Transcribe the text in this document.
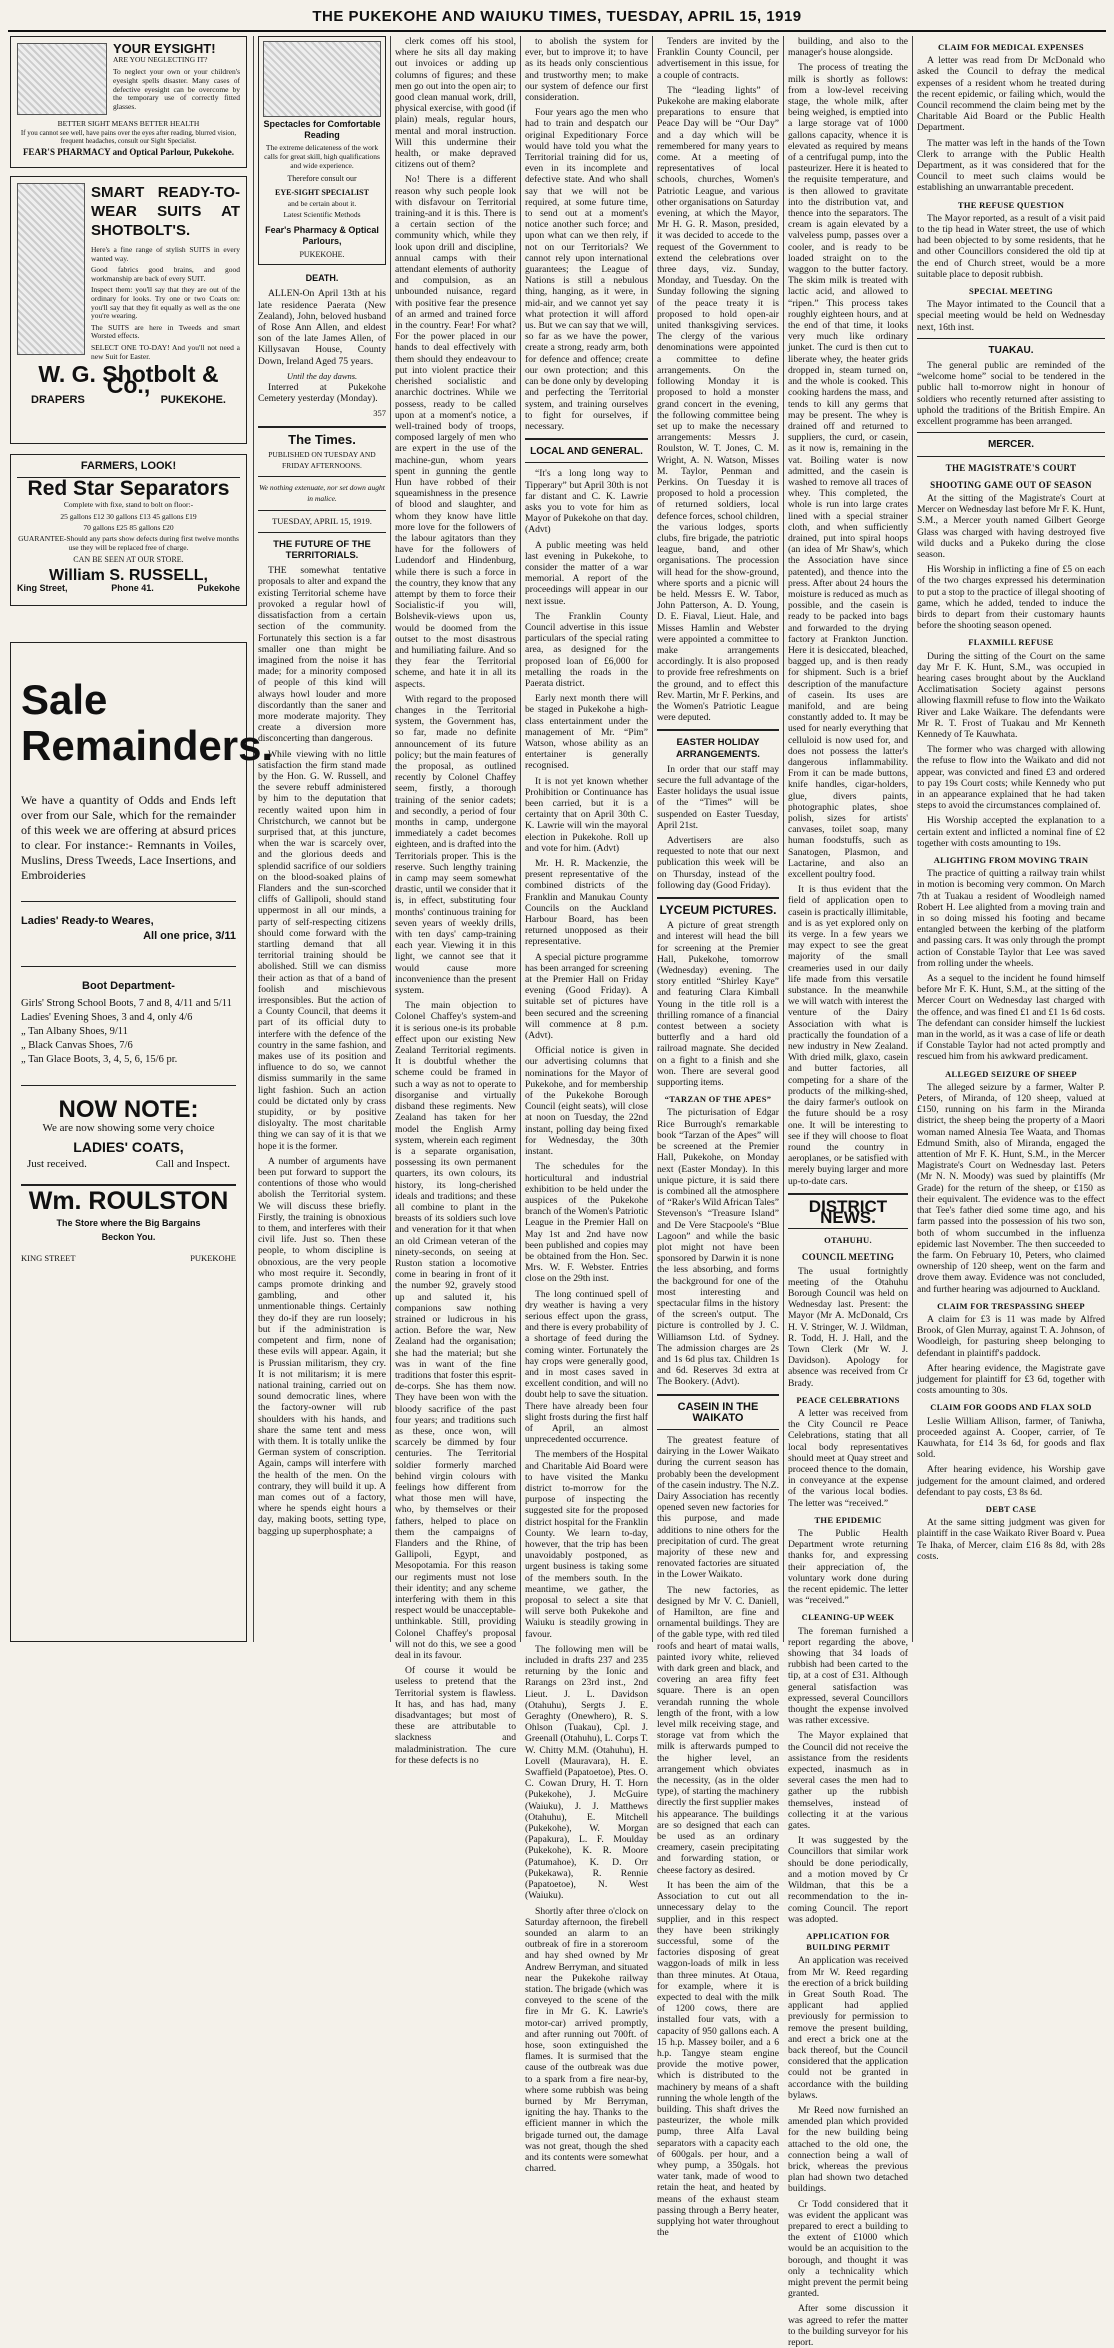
THE PUKEKOHE AND WAIUKU TIMES, TUESDAY, APRIL 15, 1919
YOUR EYSIGHT!
ARE YOU NEGLECTING IT?
To neglect your own or your children's eyesight spells disaster. Many cases of defective eyesight can be overcome by the temporary use of correctly fitted glasses.
BETTER SIGHT MEANS BETTER HEALTH
If you cannot see well, have pains over the eyes after reading, blurred vision, frequent headaches, consult our Sight Specialist.
FEAR'S PHARMACY and Optical Parlour, Pukekohe.
SMART READY-TO-WEAR SUITS AT SHOTBOLT'S.
Here's a fine range of stylish SUITS in every wanted way.
Good fabrics good brains, and good workmanship are back of every SUIT.
Inspect them: you'll say that they are out of the ordinary for looks. Try one or two Coats on: you'll say that they fit equally as well as the one you're wearing.
The SUITS are here in Tweeds and smart Worsted effects.
SELECT ONE TO-DAY! And you'll not need a new Suit for Easter.
W. G. Shotbolt & Co.,
DRAPERS	PUKEKOHE.
FARMERS, LOOK!
Red Star Separators
Complete with fixe, stand to bolt on floor:-
25 gallons £12 30 gallons £13 45 gallons £19
70 gallons £25 85 gallons £20
GUARANTEE-Should any parts show defects during first twelve months use they will be replaced free of charge.
CAN BE SEEN AT OUR STORE.
William S. RUSSELL,
King Street,	Phone 41.	Pukekohe
Sale Remainders.
We have a quantity of Odds and Ends left over from our Sale, which for the remainder of this week we are offering at absurd prices to clear. For instance:- Remnants in Voiles, Muslins, Dress Tweeds, Lace Insertions, and Embroideries
Ladies' Ready-to Weares,
All one price, 3/11
Boot Department-
Girls' Strong School Boots, 7 and 8, 4/11 and 5/11
Ladies' Evening Shoes, 3 and 4, only 4/6
„ Tan Albany Shoes, 9/11
„ Black Canvas Shoes, 7/6
„ Tan Glace Boots, 3, 4, 5, 6, 15/6 pr.
NOW NOTE:
We are now showing some very choice
LADIES' COATS,
Just received.	Call and Inspect.
Wm. ROULSTON
The Store where the Big Bargains
Beckon You.
KING STREET	PUKEKOHE
Spectacles for Comfortable Reading
The extreme delicateness of the work calls for great skill, high qualifications and wide experience.
Therefore consult our
EYE-SIGHT SPECIALIST
and be certain about it.
Latest Scientific Methods
Fear's Pharmacy & Optical Parlours,
PUKEKOHE.
DEATH.

ALLEN-On April 13th at his late residence Paerata (New Zealand), John, beloved husband of Rose Ann Allen, and eldest son of the late James Allen, of Killysavan House, County Down, Ireland Aged 75 years.

Until the day dawns.

Interred at Pukekohe Cemetery yesterday (Monday).

357
The Times.
PUBLISHED ON TUESDAY AND FRIDAY AFTERNOONS.
We nothing extenuate, nor set down aught in malice.
TUESDAY, APRIL 15, 1919.
THE FUTURE OF THE TERRITORIALS.

THE somewhat tentative proposals to alter and expand the existing Territorial scheme have provoked a regular howl of dissatisfaction from a certain section of the community. Fortunately this section is a far smaller one than might be imagined from the noise it has made; for a minority composed of people of this kind will always howl louder and more discordantly than the saner and more moderate majority. They create a diversion more disconcerting than dangerous.

While viewing with no little satisfaction the firm stand made by the Hon. G. W. Russell, and the severe rebuff administered by him to the deputation that recently waited upon him in Christchurch, we cannot but be surprised that, at this juncture, when the war is scarcely over, and the glorious deeds and splendid sacrifice of our soldiers on the blood-soaked plains of Flanders and the sun-scorched cliffs of Gallipoli, should stand uppermost in all our minds, a party of self-respecting citizens should come forward with the startling demand that all territorial training should be abolished. Still we can dismiss their action as that of a band of foolish and mischievous irresponsibles. But the action of a County Council, that deems it part of its official duty to interfere with the defence of the country in the same fashion, and makes use of its position and influence to do so, we cannot dismiss summarily in the same light fashion. Such an action could be dictated only by crass stupidity, or by positive disloyalty. The most charitable thing we can say of it is that we hope it is the former.

A number of arguments have been put forward to support the contentions of those who would abolish the Territorial system. We will discuss these briefly. Firstly, the training is obnoxious to them, and interferes with their civil life. Just so. Then these people, to whom discipline is obnoxious, are the very people who most require it. Secondly, camps promote drinking and gambling, and other unmentionable things. Certainly they do-if they are run loosely; but if the administration is competent and firm, none of these evils will appear. Again, it is Prussian militarism, they cry. It is not militarism; it is mere national training, carried out on sound democratic lines, where the factory-owner will rub shoulders with his hands, and share the same tent and mess with them. It is totally unlike the German system of conscription. Again, camps will interfere with the health of the men. On the contrary, they will build it up. A man comes out of a factory, where he spends eight hours a day, making boots, setting type, bagging up superphosphate; a

clerk comes off his stool, where he sits all day making out invoices or adding up columns of figures; and these men go out into the open air; to good clean manual work, drill, physical exercise, with good (if plain) meals, regular hours, mental and moral instruction. Will this undermine their health, or make depraved citizens out of them?

No! There is a different reason why such people look with disfavour on Territorial training-and it is this. There is a certain section of the community which, while they look upon drill and discipline, annual camps with their attendant elements of authority and compulsion, as an unbounded nuisance, regard with positive fear the presence of an armed and trained force in the country. Fear! For what? For the power placed in our hands to deal effectively with them should they endeavour to put into violent practice their cherished socialistic and anarchic doctrines. While we possess, ready to be called upon at a moment's notice, a well-trained body of troops, composed largely of men who are expert in the use of the machine-gun, whom years spent in gunning the gentle Hun have robbed of their squeamishness in the presence of blood and slaughter, and whom they know have little more love for the followers of the labour agitators than they have for the followers of Ludendorf and Hindenburg, while there is such a force in the country, they know that any attempt by them to force their Socialistic-if you will, Bolshevik-views upon us, would be doomed from the outset to the most disastrous and humiliating failure. And so they fear the Territorial scheme, and hate it in all its aspects.

With regard to the proposed changes in the Territorial system, the Government has, so far, made no definite announcement of its future policy; but the main features of the proposal, as outlined recently by Colonel Chaffey seem, firstly, a thorough training of the senior cadets; and secondly, a period of four months in camp, undergone immediately a cadet becomes eighteen, and is drafted into the Territorials proper. This is the reserve. Such lengthy training in camp may seem somewhat drastic, until we consider that it is, in effect, substituting four months' continuous training for seven years of weekly drills, with ten days' camp-training each year. Viewing it in this light, we cannot see that it would cause more inconvenience than the present system.

The main objection to Colonel Chaffey's system-and it is serious one-is its probable effect upon our existing New Zealand Territorial regiments. It is doubtful whether the scheme could be framed in such a way as not to operate to disorganise and virtually disband these regiments. New Zealand has taken for her model the English Army system, wherein each regiment is a separate organisation, possessing its own permanent quarters, its own colours, its history, its long-cherished ideals and traditions; and these all combine to plant in the breasts of its soldiers such love and veneration for it that when an old Crimean veteran of the ninety-seconds, on seeing at Ruston station a locomotive come in bearing in front of it the number 92, gravely stood up and saluted it, his companions saw nothing strained or ludicrous in his action. Before the war, New Zealand had the organisation; she had the material; but she was in want of the fine traditions that foster this esprit-de-corps. She has them now. They have been won with the bloody sacrifice of the past four years; and traditions such as these, once won, will scarcely be dimmed by four centuries. The Territorial soldier formerly marched behind virgin colours with feelings how different from what those men will have, who, by themselves or their fathers, helped to place on them the campaigns of Flanders and the Rhine, of Gallipoli, Egypt, and Mesopotamia. For this reason our regiments must not lose their identity; and any scheme interfering with them in this respect would be unacceptable-unthinkable. Still, providing Colonel Chaffey's proposal will not do this, we see a good deal in its favour.

Of course it would be useless to pretend that the Territorial system is flawless. It has, and has had, many disadvantages; but most of these are attributable to slackness and maladministration. The cure for these defects is no

to abolish the system for ever, but to improve it; to have as its heads only conscientious and trustworthy men; to make our system of defence our first consideration.

Four years ago the men who had to train and despatch our original Expeditionary Force would have told you what the Territorial training did for us, even in its incomplete and defective state. And who shall say that we will not be required, at some future time, to send out at a moment's notice another such force; and upon what can we then rely, if not on our Territorials? We cannot rely upon international guarantees; the League of Nations is still a nebulous thing, hanging, as it were, in mid-air, and we cannot yet say what protection it will afford us. But we can say that we will, so far as we have the power, create a strong, ready arm, both for defence and offence; create our own protection; and this can be done only by developing and perfecting the Territorial system, and training ourselves to fight for ourselves, if necessary.

LOCAL AND GENERAL.

“It's a long long way to Tipperary” but April 30th is not far distant and C. K. Lawrie asks you to vote for him as Mayor of Pukekohe on that day. (Advt)

A public meeting was held last evening in Pukekohe, to consider the matter of a war memorial. A report of the proceedings will appear in our next issue.

The Franklin County Council advertise in this issue particulars of the special rating area, as designed for the proposed loan of £6,000 for metalling the roads in the Paerata district.

Early next month there will be staged in Pukekohe a high-class entertainment under the management of Mr. “Pim” Watson, whose ability as an entertainer is generally recognised.

It is not yet known whether Prohibition or Continuance has been carried, but it is a certainty that on April 30th C. K. Lawrie will win the mayoral election in Pukekohe. Roll up and vote for him. (Advt)

Mr. H. R. Mackenzie, the present representative of the combined districts of the Franklin and Manukau County Councils on the Auckland Harbour Board, has been returned unopposed as their representative.

A special picture programme has been arranged for screening at the Premier Hall on Friday evening (Good Friday). A suitable set of pictures have been secured and the screening will commence at 8 p.m. (Advt).

Official notice is given in our advertising columns that nominations for the Mayor of Pukekohe, and for membership of the Pukekohe Borough Council (eight seats), will close at noon on Tuesday, the 22nd instant, polling day being fixed for Wednesday, the 30th instant.

The schedules for the horticultural and industrial exhibition to be held under the auspices of the Pukekohe branch of the Women's Patriotic League in the Premier Hall on May 1st and 2nd have now been published and copies may be obtained from the Hon. Sec. Mrs. W. F. Webster. Entries close on the 29th inst.

The long continued spell of dry weather is having a very serious effect upon the grass, and there is every probability of a shortage of feed during the coming winter. Fortunately the hay crops were generally good, and in most cases saved in excellent condition, and will no doubt help to save the situation. There have already been four slight frosts during the first half of April, an almost unprecedented occurrence.

The members of the Hospital and Charitable Aid Board were to have visited the Manku district to-morrow for the purpose of inspecting the suggested site for the proposed district hospital for the Franklin County. We learn to-day, however, that the trip has been unavoidably postponed, as urgent business is taking some of the members south. In the meantime, we gather, the proposal to select a site that will serve both Pukekohe and Waiuku is steadily growing in favour.

The following men will be included in drafts 237 and 235 returning by the Ionic and Rarangs on 23rd inst., 2nd Lieut. J. L. Davidson (Otahuhu), Sergts J. E. Geraghty (Onewhero), R. S. Ohlson (Tuakau), Cpl. J. Greenall (Otahuhu), L. Corps T. W. Chitty M.M. (Otahuhu), H. Lovell (Mauravara), H. E. Swaffield (Papatoetoe), Ptes. O. C. Cowan Drury, H. T. Horn (Pukekohe), J. McGuire (Waiuku), J. J. Matthews (Otahuhu), E. Mitchell (Pukekohe), W. Morgan (Papakura), L. F. Moulday (Pukekohe), K. R. Moore (Patumahoe), K. D. Orr (Pukekawa), R. Rennie (Papatoetoe), N. West (Waiuku).

Shortly after three o'clock on Saturday afternoon, the firebell sounded an alarm to an outbreak of fire in a storeroom and hay shed owned by Mr Andrew Berryman, and situated near the Pukekohe railway station. The brigade (which was conveyed to the scene of the fire in Mr G. K. Lawrie's motor-car) arrived promptly, and after running out 700ft. of hose, soon extinguished the flames. It is surmised that the cause of the outbreak was due to a spark from a fire near-by, where some rubbish was being burned by Mr Berryman, igniting the hay. Thanks to the efficient manner in which the brigade turned out, the damage was not great, though the shed and its contents were somewhat charred.

Tenders are invited by the Franklin County Council, per advertisement in this issue, for a couple of contracts.

The “leading lights” of Pukekohe are making elaborate preparations to ensure that Peace Day will be “Our Day” and a day which will be remembered for many years to come. At a meeting of representatives of local schools, churches, Women's Patriotic League, and various other organisations on Saturday evening, at which the Mayor, Mr H. G. R. Mason, presided, it was decided to accede to the request of the Government to extend the celebrations over three days, viz. Sunday, Monday, and Tuesday. On the Sunday following the signing of the peace treaty it is proposed to hold open-air united thanksgiving services. The clergy of the various denominations were appointed a committee to define arrangements. On the following Monday it is proposed to hold a monster grand concert in the evening, the following committee being set up to make the necessary arrangements: Messrs J. Roulston, W. T. Jones, C. M. Wright, A. N. Watson, Misses M. Taylor, Penman and Perkins. On Tuesday it is proposed to hold a procession of returned soldiers, local defence forces, school children, the various lodges, sports clubs, fire brigade, the patriotic league, band, and other organisations. The procession will head for the show-ground, where sports and a picnic will be held. Messrs E. W. Tabor, John Patterson, A. D. Young, D. E. Fiaval, Lieut. Hale, and Misses Hamlin and Webster were appointed a committee to make arrangements accordingly. It is also proposed to provide free refreshments on the ground, and to effect this Rev. Martin, Mr F. Perkins, and the Women's Patriotic League were deputed.

EASTER HOLIDAY ARRANGEMENTS.

In order that our staff may secure the full advantage of the Easter holidays the usual issue of the “Times” will be suspended on Easter Tuesday, April 21st.

Advertisers are also requested to note that our next publication this week will be on Thursday, instead of the following day (Good Friday).

LYCEUM PICTURES.

A picture of great strength and interest will head the bill for screening at the Premier Hall, Pukekohe, tomorrow (Wednesday) evening. The story entitled “Shirley Kaye” and featuring Clara Kimball Young in the title roll is a thrilling romance of a financial contest between a society butterfly and a hard old railroad magnate. She decided on a fight to a finish and she won. There are several good supporting items.

“TARZAN OF THE APES”

The picturisation of Edgar Rice Burrough's remarkable book “Tarzan of the Apes” will be screened at the Premier Hall, Pukekohe, on Monday next (Easter Monday). In this unique picture, it is said there is combined all the atmosphere of “Raker's Wild African Tales” Stevenson's “Treasure Island” and De Vere Stacpoole's “Blue Lagoon” and while the basic plot might not have been sponsored by Darwin it is none the less absorbing, and forms the background for one of the most interesting and spectacular films in the history of the screen's output. The picture is controlled by J. C. Williamson Ltd. of Sydney. The admission charges are 2s and 1s 6d plus tax. Children 1s and 6d. Reserves 3d extra at The Bookery. (Advt).

CASEIN IN THE WAIKATO

The greatest feature of dairying in the Lower Waikato during the current season has probably been the development of the casein industry. The N.Z. Dairy Association has recently opened seven new factories for this purpose, and made additions to nine others for the precipitation of curd. The great majority of these new and renovated factories are situated in the Lower Waikato.

The new factories, as designed by Mr V. C. Daniell, of Hamilton, are fine and ornamental buildings. They are of the gable type, with red tiled roofs and heart of matai walls, painted ivory white, relieved with dark green and black, and covering an area fifty feet square. There is an open verandah running the whole length of the front, with a low level milk receiving stage, and storage vat from which the milk is afterwards pumped to the higher level, an arrangement which obviates the necessity, (as in the older type), of starting the machinery directly the first supplier makes his appearance. The buildings are so designed that each can be used as an ordinary creamery, casein precipitating and forwarding station, or cheese factory as desired.

It has been the aim of the Association to cut out all unnecessary delay to the supplier, and in this respect they have been strikingly successful, some of the factories disposing of great waggon-loads of milk in less than three minutes. At Otaua, for example, where it is expected to deal with the milk of 1200 cows, there are installed four vats, with a capacity of 950 gallons each. A 15 h.p. Massey boiler, and a 6 h.p. Tangye steam engine provide the motive power, which is distributed to the machinery by means of a shaft running the whole length of the building. This shaft drives the pasteurizer, the whole milk pump, three Alfa Laval separators with a capacity each of 600gals. per hour, and a whey pump, a 350gals. hot water tank, made of wood to retain the heat, and heated by means of the exhaust steam passing through a Berry heater, supplying hot water throughout the

building, and also to the manager's house alongside.

The process of treating the milk is shortly as follows: from a low-level receiving stage, the whole milk, after being weighed, is emptied into a large storage vat of 1000 gallons capacity, whence it is elevated as required by means of a centrifugal pump, into the pasteurizer. Here it is heated to the requisite temperature, and is then allowed to gravitate into the distribution vat, and thence into the separators. The cream is again elevated by a valveless pump, passes over a cooler, and is ready to be loaded straight on to the waggon to the butter factory. The skim milk is treated with lactic acid, and allowed to “ripen.” This process takes roughly eighteen hours, and at the end of that time, it looks very much like ordinary junket. The curd is then cut to liberate whey, the heater grids dropped in, steam turned on, and the whole is cooked. This cooking hardens the mass, and tends to kill any germs that may be present. The whey is drained off and returned to suppliers, the curd, or casein, as it now is, remaining in the vat. Boiling water is now admitted, and the casein is washed to remove all traces of whey. This completed, the whole is run into large crates lined with a special strainer cloth, and when sufficiently drained, put into spiral hoops (an idea of Mr Shaw's, which the Association have since patented), and thence into the press. After about 24 hours the moisture is reduced as much as possible, and the casein is ready to be packed into bags and forwarded to the drying factory at Frankton Junction. Here it is desiccated, bleached, bagged up, and is then ready for shipment. Such is a brief description of the manufacture of casein. Its uses are manifold, and are being constantly added to. It may be used for nearly everything that celluloid is now used for, and does not possess the latter's dangerous inflammability. From it can be made buttons, knife handles, cigar-holders, glue, divers paints, photographic plates, shoe polish, sizes for artists' canvases, toilet soap, many human foodstuffs, such as Sanatogen, Plasmon, and Lactarine, and also an excellent poultry food.

It is thus evident that the field of application open to casein is practically illimitable, and is as yet explored only on its verge. In a few years we may expect to see the great majority of the small creameries used in our daily life made from this versatile substance. In the meanwhile we will watch with interest the venture of the Dairy Association with what is practically the foundation of a new industry in New Zealand. With dried milk, glaxo, casein and butter factories, all competing for a share of the products of the milking-shed, the dairy farmer's outlook on the future should be a rosy one. It will be interesting to see if they will choose to float round the country in aeroplanes, or be satisfied with merely buying larger and more up-to-date cars.

DISTRICT NEWS.
OTAHUHU.
COUNCIL MEETING

The usual fortnightly meeting of the Otahuhu Borough Council was held on Wednesday last. Present: the Mayor (Mr A. McDonald, Crs H. V. Stringer, W. J. Wildman, R. Todd, H. J. Hall, and the Town Clerk (Mr W. J. Davidson). Apology for absence was received from Cr Brady.

PEACE CELEBRATIONS

A letter was received from the City Council re Peace Celebrations, stating that all local body representatives should meet at Quay street and proceed thence to the domain, in conveyance at the expense of the various local bodies. The letter was “received.”

THE EPIDEMIC

The Public Health Department wrote returning thanks for, and expressing their appreciation of, the voluntary work done during the recent epidemic. The letter was “received.”

CLEANING-UP WEEK

The foreman furnished a report regarding the above, showing that 34 loads of rubbish had been carted to the tip, at a cost of £31. Although general satisfaction was expressed, several Councillors thought the expense involved was rather excessive.

The Mayor explained that the Council did not receive the assistance from the residents expected, inasmuch as in several cases the men had to gather up the rubbish themselves, instead of collecting it at the various gates.

It was suggested by the Councillors that similar work should be done periodically, and a motion moved by Cr Wildman, that this be a recommendation to the in-coming Council. The report was adopted.

APPLICATION FOR BUILDING PERMIT

An application was received from Mr W. Reed regarding the erection of a brick building in Great South Road. The applicant had applied previously for permission to remove the present building, and erect a brick one at the back thereof, but the Council considered that the application could not be granted in accordance with the building bylaws.

Mr Reed now furnished an amended plan which provided for the new building being attached to the old one, the connection being a wall of brick, whereas the previous plan had shown two detached buildings.

Cr Todd considered that it was evident the applicant was prepared to erect a building to the extent of £1000 which would be an acquisition to the borough, and thought it was only a technicality which might prevent the permit being granted.

After some discussion it was agreed to refer the matter to the building surveyor for his report.

CLAIM FOR MEDICAL EXPENSES

A letter was read from Dr McDonald who asked the Council to defray the medical expenses of a resident whom he treated during the recent epidemic, or failing which, would the Council recommend the claim being met by the Charitable Aid Board or the Public Health Department.

The matter was left in the hands of the Town Clerk to arrange with the Public Health Department, as it was considered that for the Council to meet such claims would be establishing an unwarrantable precedent.

THE REFUSE QUESTION

The Mayor reported, as a result of a visit paid to the tip head in Water street, the use of which had been objected to by some residents, that he and other Councillors considered the old tip at the end of Church street, would be a more suitable place to deposit rubbish.

SPECIAL MEETING

The Mayor intimated to the Council that a special meeting would be held on Wednesday next, 16th inst.

TUAKAU.

The general public are reminded of the “welcome home” social to be tendered in the public hall to-morrow night in honour of soldiers who recently returned after assisting to uphold the traditions of the British Empire. An excellent programme has been arranged.

MERCER.
THE MAGISTRATE'S COURT
SHOOTING GAME OUT OF SEASON

At the sitting of the Magistrate's Court at Mercer on Wednesday last before Mr F. K. Hunt, S.M., a Mercer youth named Gilbert George Glass was charged with having destroyed five wild ducks and a Pukeko during the close season.

His Worship in inflicting a fine of £5 on each of the two charges expressed his determination to put a stop to the practice of illegal shooting of game, which he added, tended to induce the birds to depart from their customary haunts before the shooting season opened.

FLAXMILL REFUSE

During the sitting of the Court on the same day Mr F. K. Hunt, S.M., was occupied in hearing cases brought about by the Auckland Acclimatisation Society against persons allowing flaxmill refuse to flow into the Waikato River and Lake Waikare. The defendants were Mr R. T. Frost of Tuakau and Mr Kenneth Kennedy of Te Kauwhata.

The former who was charged with allowing the refuse to flow into the Waikato and did not appear, was convicted and fined £3 and ordered to pay 19s Court costs; while Kennedy who put in an appearance explained that he had taken steps to avoid the circumstances complained of.

His Worship accepted the explanation to a certain extent and inflicted a nominal fine of £2 together with costs amounting to 19s.

ALIGHTING FROM MOVING TRAIN

The practice of quitting a railway train whilst in motion is becoming very common. On March 7th at Tuakau a resident of Woodleigh named Robert H. Lee alighted from a moving train and in so doing missed his footing and became entangled between the kerbing of the platform and passing cars. It was only through the prompt action of Constable Taylor that Lee was saved from rolling under the wheels.

As a sequel to the incident he found himself before Mr F. K. Hunt, S.M., at the sitting of the Mercer Court on Wednesday last charged with the offence, and was fined £1 and £1 1s 6d costs. The defendant can consider himself the luckiest man in the world, as it was a case of life or death if Constable Taylor had not acted promptly and rescued him from his awkward predicament.

ALLEGED SEIZURE OF SHEEP

The alleged seizure by a farmer, Walter P. Peters, of Miranda, of 120 sheep, valued at £150, running on his farm in the Miranda district, the sheep being the property of a Maori woman named Alnesia Tee Waata, and Thomas Edmund Smith, also of Miranda, engaged the attention of Mr F. K. Hunt, S.M., in the Mercer Magistrate's Court on Wednesday last. Peters (Mr N. N. Moody) was sued by plaintiffs (Mr Grade) for the return of the sheep, or £150 as their equivalent. The evidence was to the effect that Tee's father died some time ago, and his farm passed into the possession of his two son, both of whom succumbed in the influenza epidemic last November. The then succeeded to the farm. On February 10, Peters, who claimed ownership of 120 sheep, went on the farm and drove them away. Evidence was not concluded, and further hearing was adjourned to Auckland.

CLAIM FOR TRESPASSING SHEEP

A claim for £3 is 11 was made by Alfred Brook, of Glen Murray, against T. A. Johnson, of Woodleigh, for pasturing sheep belonging to defendant in plaintiff's paddock.

After hearing evidence, the Magistrate gave judgement for plaintiff for £3 6d, together with costs amounting to 30s.

CLAIM FOR GOODS AND FLAX SOLD

Leslie William Allison, farmer, of Taniwha, proceeded against A. Cooper, carrier, of Te Kauwhata, for £14 3s 6d, for goods and flax sold.

After hearing evidence, his Worship gave judgement for the amount claimed, and ordered defendant to pay costs, £3 8s 6d.

DEBT CASE

At the same sitting judgment was given for plaintiff in the case Waikato River Board v. Puea Te Ihaka, of Mercer, claim £16 8s 8d, with 28s costs.
